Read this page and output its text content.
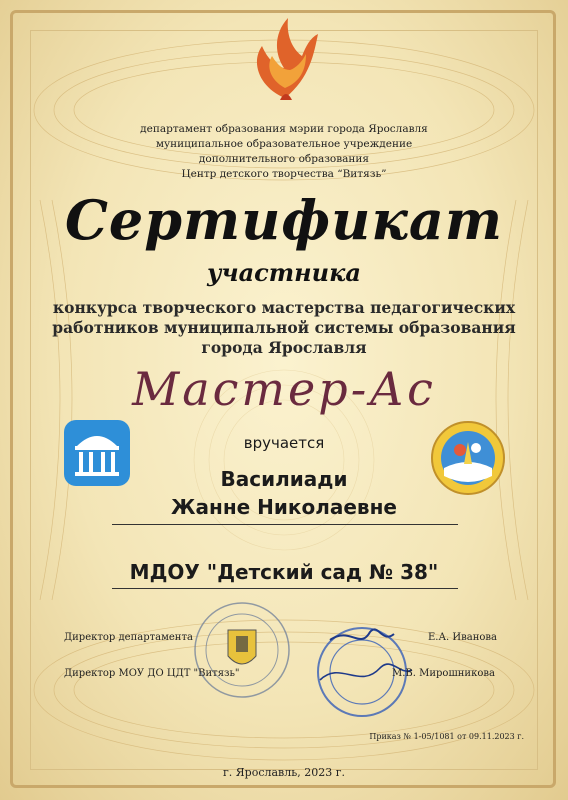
департамент образования мэрии города Ярославля
муниципальное образовательное учреждение
дополнительного образования
Центр детского творчества “Витязь”
Сертификат
участника
конкурса творческого мастерства педагогических
работников муниципальной системы образования
города Ярославля
Мастер-Ас
вручается
Василиади
Жанне Николаевне
МДОУ "Детский сад № 38"
Директор департамента	Е.А. Иванова
Директор МОУ ДО ЦДТ "Витязь"	М.В. Мирошникова
Приказ № 1-05/1081 от 09.11.2023 г.
г. Ярославль, 2023 г.
